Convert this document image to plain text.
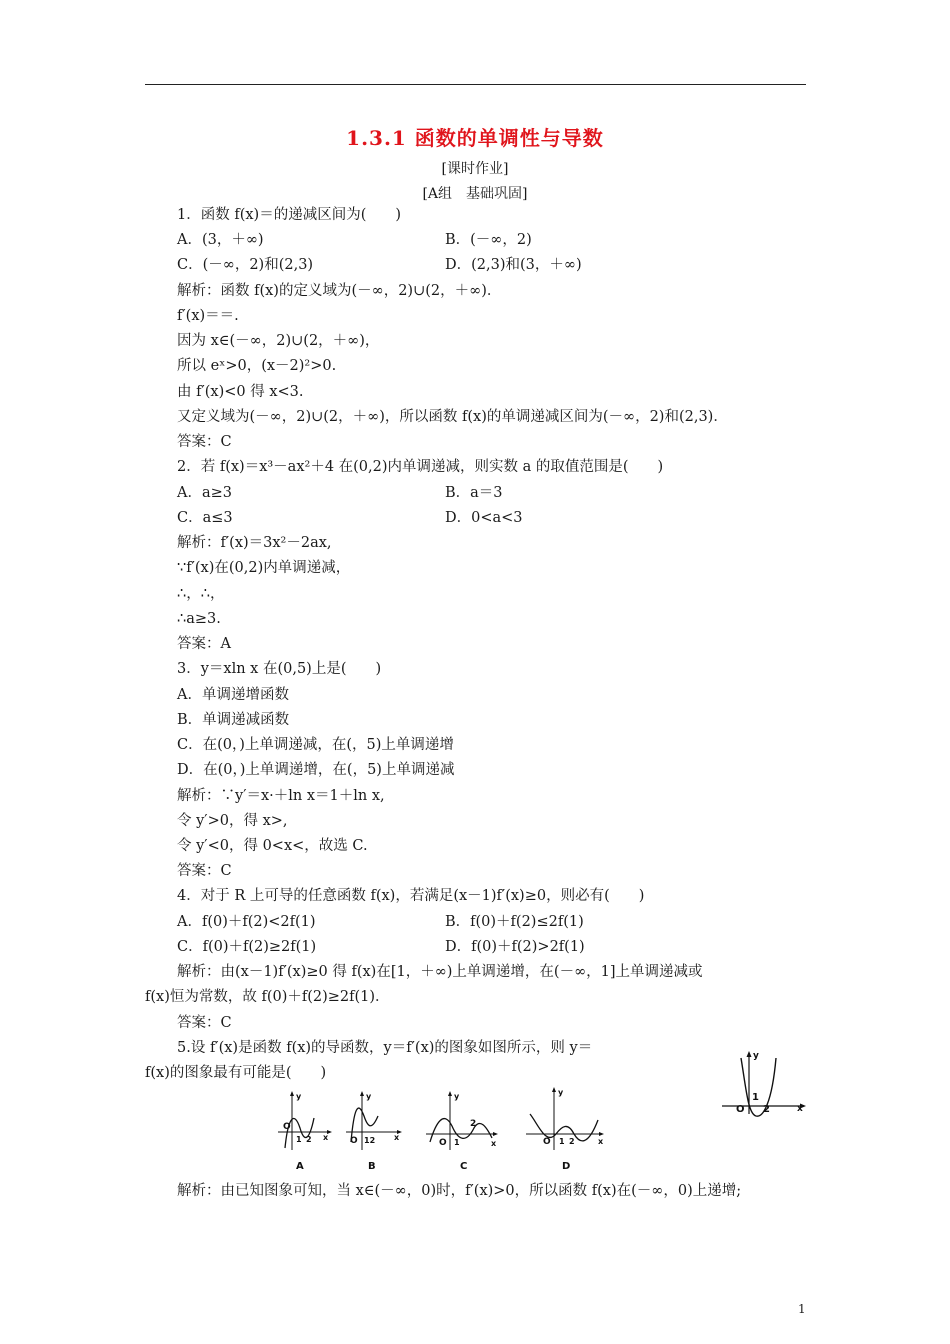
1.3.1 函数的单调性与导数
[课时作业]
[A组　基础巩固]
1．函数 f(x)＝的递减区间为(　　)
A．(3，＋∞)	B．(－∞，2)
C．(－∞，2)和(2,3)	D．(2,3)和(3，＋∞)
解析：函数 f(x)的定义域为(－∞，2)∪(2，＋∞)．
f′(x)＝＝.
因为 x∈(－∞，2)∪(2，＋∞)，
所以 eˣ>0，(x－2)²>0.
由 f′(x)<0 得 x<3.
又定义域为(－∞，2)∪(2，＋∞)，所以函数 f(x)的单调递减区间为(－∞，2)和(2,3)．
答案：C
2．若 f(x)＝x³－ax²＋4 在(0,2)内单调递减，则实数 a 的取值范围是(　　)
A．a≥3	B．a＝3
C．a≤3	D．0<a<3
解析：f′(x)＝3x²－2ax,
∵f′(x)在(0,2)内单调递减，
∴，∴，
∴a≥3.
答案：A
3．y＝xln x 在(0,5)上是(　　)
A．单调递增函数
B．单调递减函数
C．在(0，)上单调递减，在(，5)上单调递增
D．在(0，)上单调递增，在(，5)上单调递减
解析：∵y′＝x·＋ln x＝1＋ln x,
令 y′>0，得 x>,
令 y′<0，得 0<x<，故选 C.
答案：C
4．对于 R 上可导的任意函数 f(x)，若满足(x－1)f′(x)≥0，则必有(　　)
A．f(0)＋f(2)<2f(1)	B．f(0)＋f(2)≤2f(1)
C．f(0)＋f(2)≥2f(1)	D．f(0)＋f(2)>2f(1)
解析：由(x－1)f′(x)≥0 得 f(x)在[1，＋∞)上单调递增，在(－∞，1]上单调递减或
f(x)恒为常数，故 f(0)＋f(2)≥2f(1)．
答案：C
5.设 f′(x)是函数 f(x)的导函数，y＝f′(x)的图象如图所示，则 y＝
f(x)的图象最有可能是(　　)
y
x
O
1
2
y
x
O
1 2
A
y
x
O 12
B
y
x
O 1
2
C
y
x
O 1 2
D
解析：由已知图象可知，当 x∈(－∞，0)时，f′(x)>0，所以函数 f(x)在(－∞，0)上递增;
1
